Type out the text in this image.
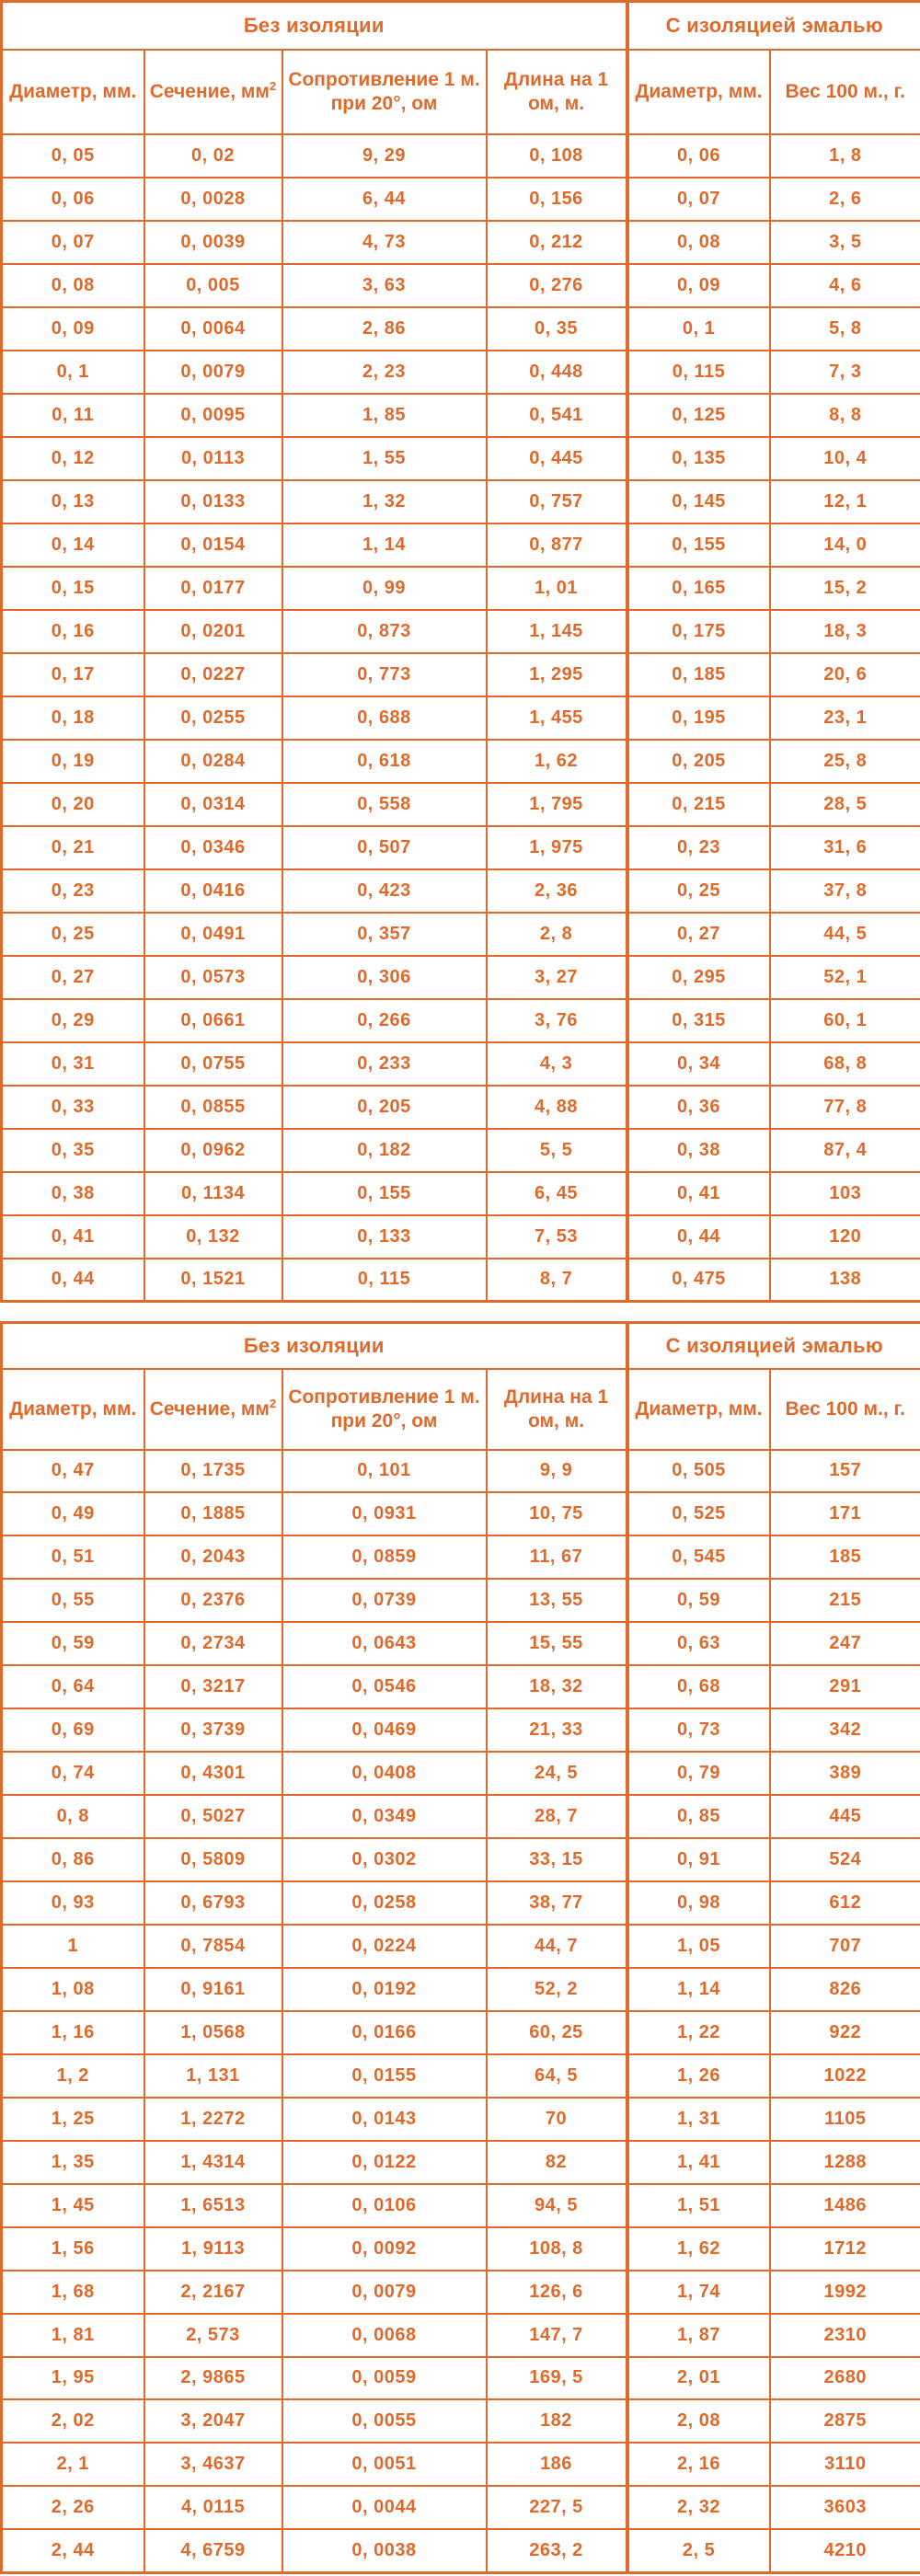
Без изоляции				С изоляцией эмалью	
Диаметр, мм.	Сечение, $мм^2$	Сопротивление 1 м. при 20°, ом	Длина на 1 ом, м.	Диаметр, мм.	Вес 100 м., г.
0, 05	0, 02	9, 29	0, 108	0, 06	1, 8
0, 06	0, 0028	6, 44	0, 156	0, 07	2, 6
0, 07	0, 0039	4, 73	0, 212	0, 08	3, 5
0, 08	0, 005	3, 63	0, 276	0, 09	4, 6
0, 09	0, 0064	2, 86	0, 35	0, 1	5, 8
0, 1	0, 0079	2, 23	0, 448	0, 115	7, 3
0, 11	0, 0095	1, 85	0, 541	0, 125	8, 8
0, 12	0, 0113	1, 55	0, 445	0, 135	10, 4
0, 13	0, 0133	1, 32	0, 757	0, 145	12, 1
0, 14	0, 0154	1, 14	0, 877	0, 155	14, 0
0, 15	0, 0177	0, 99	1, 01	0, 165	15, 2
0, 16	0, 0201	0, 873	1, 145	0, 175	18, 3
0, 17	0, 0227	0, 773	1, 295	0, 185	20, 6
0, 18	0, 0255	0, 688	1, 455	0, 195	23, 1
0, 19	0, 0284	0, 618	1, 62	0, 205	25, 8
0, 20	0, 0314	0, 558	1, 795	0, 215	28, 5
0, 21	0, 0346	0, 507	1, 975	0, 23	31, 6
0, 23	0, 0416	0, 423	2, 36	0, 25	37, 8
0, 25	0, 0491	0, 357	2, 8	0, 27	44, 5
0, 27	0, 0573	0, 306	3, 27	0, 295	52, 1
0, 29	0, 0661	0, 266	3, 76	0, 315	60, 1
0, 31	0, 0755	0, 233	4, 3	0, 34	68, 8
0, 33	0, 0855	0, 205	4, 88	0, 36	77, 8
0, 35	0, 0962	0, 182	5, 5	0, 38	87, 4
0, 38	0, 1134	0, 155	6, 45	0, 41	103
0, 41	0, 132	0, 133	7, 53	0, 44	120
0, 44	0, 1521	0, 115	8, 7	0, 475	138
Без изоляции				С изоляцией эмалью	
Диаметр, мм.	Сечение, $мм^2$	Сопротивление 1 м. при 20°, ом	Длина на 1 ом, м.	Диаметр, мм.	Вес 100 м., г.
0, 47	0, 1735	0, 101	9, 9	0, 505	157
0, 49	0, 1885	0, 0931	10, 75	0, 525	171
0, 51	0, 2043	0, 0859	11, 67	0, 545	185
0, 55	0, 2376	0, 0739	13, 55	0, 59	215
0, 59	0, 2734	0, 0643	15, 55	0, 63	247
0, 64	0, 3217	0, 0546	18, 32	0, 68	291
0, 69	0, 3739	0, 0469	21, 33	0, 73	342
0, 74	0, 4301	0, 0408	24, 5	0, 79	389
0, 8	0, 5027	0, 0349	28, 7	0, 85	445
0, 86	0, 5809	0, 0302	33, 15	0, 91	524
0, 93	0, 6793	0, 0258	38, 77	0, 98	612
1	0, 7854	0, 0224	44, 7	1, 05	707
1, 08	0, 9161	0, 0192	52, 2	1, 14	826
1, 16	1, 0568	0, 0166	60, 25	1, 22	922
1, 2	1, 131	0, 0155	64, 5	1, 26	1022
1, 25	1, 2272	0, 0143	70	1, 31	1105
1, 35	1, 4314	0, 0122	82	1, 41	1288
1, 45	1, 6513	0, 0106	94, 5	1, 51	1486
1, 56	1, 9113	0, 0092	108, 8	1, 62	1712
1, 68	2, 2167	0, 0079	126, 6	1, 74	1992
1, 81	2, 573	0, 0068	147, 7	1, 87	2310
1, 95	2, 9865	0, 0059	169, 5	2, 01	2680
2, 02	3, 2047	0, 0055	182	2, 08	2875
2, 1	3, 4637	0, 0051	186	2, 16	3110
2, 26	4, 0115	0, 0044	227, 5	2, 32	3603
2, 44	4, 6759	0, 0038	263, 2	2, 5	4210
